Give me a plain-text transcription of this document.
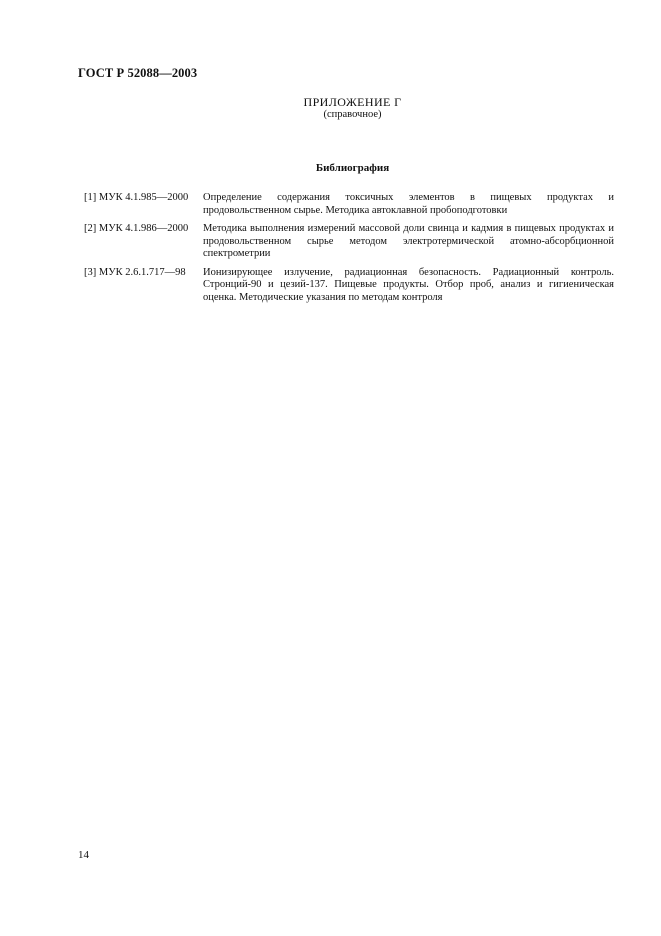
ГОСТ Р 52088—2003
ПРИЛОЖЕНИЕ Г
(справочное)
Библиография
[1] МУК 4.1.985—2000	Определение содержания токсичных элементов в пищевых продуктах и продовольственном сырье. Методика автоклавной пробоподготовки
[2] МУК 4.1.986—2000	Методика выполнения измерений массовой доли свинца и кадмия в пищевых продуктах и продовольственном сырье методом электротермической атомно-абсорбционной спектрометрии
[3] МУК 2.6.1.717—98	Ионизирующее излучение, радиационная безопасность. Радиационный контроль. Стронций-90 и цезий-137. Пищевые продукты. Отбор проб, анализ и гигиеническая оценка. Методические указания по методам контроля
14
